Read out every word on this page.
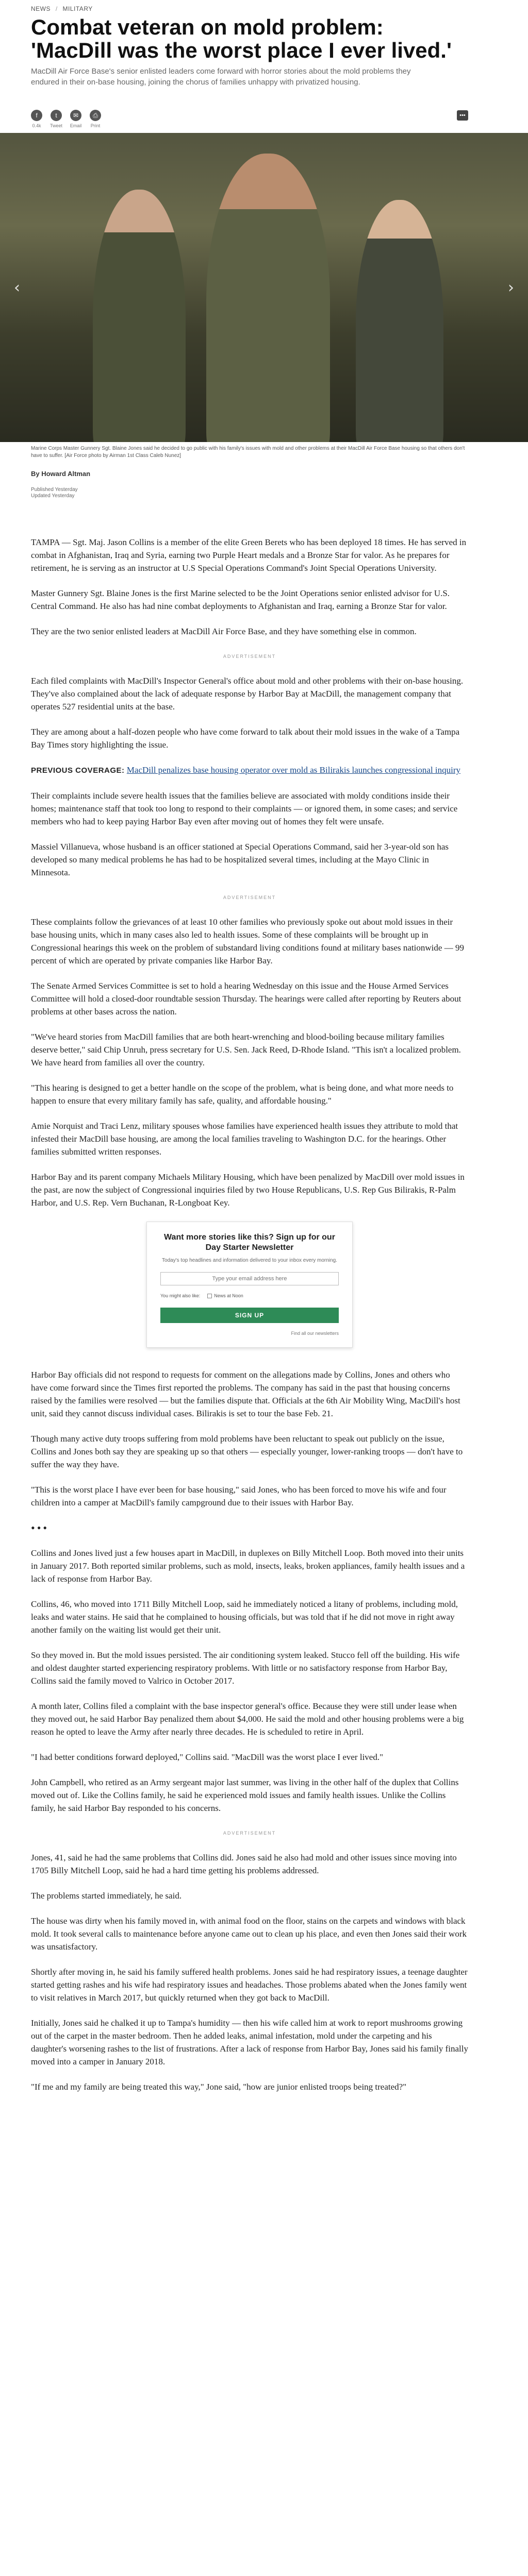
NEWS / MILITARY
Combat veteran on mold problem: 'MacDill was the worst place I ever lived.'

MacDill Air Force Base's senior enlisted leaders come forward with horror stories about the mold problems they endured in their on-base housing, joining the chorus of families unhappy with privatized housing.

f
0.4k
t
Tweet
✉
Email
⎙
Print
•••
‹	›

Marine Corps Master Gunnery Sgt. Blaine Jones said he decided to go public with his family's issues with mold and other problems at their MacDill Air Force Base housing so that others don't have to suffer. [Air Force photo by Airman 1st Class Caleb Nunez]

By Howard Altman
Published Yesterday
Updated Yesterday

TAMPA — Sgt. Maj. Jason Collins is a member of the elite Green Berets who has been deployed 18 times. He has served in combat in Afghanistan, Iraq and Syria, earning two Purple Heart medals and a Bronze Star for valor. As he prepares for retirement, he is serving as an instructor at U.S Special Operations Command's Joint Special Operations University.

Master Gunnery Sgt. Blaine Jones is the first Marine selected to be the Joint Operations senior enlisted advisor for U.S. Central Command. He also has had nine combat deployments to Afghanistan and Iraq, earning a Bronze Star for valor.

They are the two senior enlisted leaders at MacDill Air Force Base, and they have something else in common.

ADVERTISEMENT

Each filed complaints with MacDill's Inspector General's office about mold and other problems with their on-base housing. They've also complained about the lack of adequate response by Harbor Bay at MacDill, the management company that operates 527 residential units at the base.

They are among about a half-dozen people who have come forward to talk about their mold issues in the wake of a Tampa Bay Times story highlighting the issue.

PREVIOUS COVERAGE: MacDill penalizes base housing operator over mold as Bilirakis launches congressional inquiry

Their complaints include severe health issues that the families believe are associated with moldy conditions inside their homes; maintenance staff that took too long to respond to their complaints — or ignored them, in some cases; and service members who had to keep paying Harbor Bay even after moving out of homes they felt were unsafe.

Massiel Villanueva, whose husband is an officer stationed at Special Operations Command, said her 3-year-old son has developed so many medical problems he has had to be hospitalized several times, including at the Mayo Clinic in Minnesota.

ADVERTISEMENT

These complaints follow the grievances of at least 10 other families who previously spoke out about mold issues in their base housing units, which in many cases also led to health issues. Some of these complaints will be brought up in Congressional hearings this week on the problem of substandard living conditions found at military bases nationwide — 99 percent of which are operated by private companies like Harbor Bay.

The Senate Armed Services Committee is set to hold a hearing Wednesday on this issue and the House Armed Services Committee will hold a closed-door roundtable session Thursday. The hearings were called after reporting by Reuters about problems at other bases across the nation.

"We've heard stories from MacDill families that are both heart-wrenching and blood-boiling because military families deserve better," said Chip Unruh, press secretary for U.S. Sen. Jack Reed, D-Rhode Island. "This isn't a localized problem. We have heard from families all over the country.

"This hearing is designed to get a better handle on the scope of the problem, what is being done, and what more needs to happen to ensure that every military family has safe, quality, and affordable housing."

Amie Norquist and Traci Lenz, military spouses whose families have experienced health issues they attribute to mold that infested their MacDill base housing, are among the local families traveling to Washington D.C. for the hearings. Other families submitted written responses.

Harbor Bay and its parent company Michaels Military Housing, which have been penalized by MacDill over mold issues in the past, are now the subject of Congressional inquiries filed by two House Republicans, U.S. Rep Gus Bilirakis, R-Palm Harbor, and U.S. Rep. Vern Buchanan, R-Longboat Key.

Want more stories like this? Sign up for our Day Starter Newsletter

Today's top headlines and information delivered to your inbox every morning.

Type your email address here
You might also like:	News at Noon
SIGN UP
Find all our newsletters

Harbor Bay officials did not respond to requests for comment on the allegations made by Collins, Jones and others who have come forward since the Times first reported the problems. The company has said in the past that housing concerns raised by the families were resolved — but the families dispute that. Officials at the 6th Air Mobility Wing, MacDill's host unit, said they cannot discuss individual cases. Bilirakis is set to tour the base Feb. 21.

Though many active duty troops suffering from mold problems have been reluctant to speak out publicly on the issue, Collins and Jones both say they are speaking up so that others — especially younger, lower-ranking troops — don't have to suffer the way they have.

"This is the worst place I have ever been for base housing," said Jones, who has been forced to move his wife and four children into a camper at MacDill's family campground due to their issues with Harbor Bay.

•••

Collins and Jones lived just a few houses apart in MacDill, in duplexes on Billy Mitchell Loop. Both moved into their units in January 2017. Both reported similar problems, such as mold, insects, leaks, broken appliances, family health issues and a lack of response from Harbor Bay.

Collins, 46, who moved into 1711 Billy Mitchell Loop, said he immediately noticed a litany of problems, including mold, leaks and water stains. He said that he complained to housing officials, but was told that if he did not move in right away another family on the waiting list would get their unit.

So they moved in. But the mold issues persisted. The air conditioning system leaked. Stucco fell off the building. His wife and oldest daughter started experiencing respiratory problems. With little or no satisfactory response from Harbor Bay, Collins said the family moved to Valrico in October 2017.

A month later, Collins filed a complaint with the base inspector general's office. Because they were still under lease when they moved out, he said Harbor Bay penalized them about $4,000. He said the mold and other housing problems were a big reason he opted to leave the Army after nearly three decades. He is scheduled to retire in April.

"I had better conditions forward deployed," Collins said. "MacDill was the worst place I ever lived."

John Campbell, who retired as an Army sergeant major last summer, was living in the other half of the duplex that Collins moved out of. Like the Collins family, he said he experienced mold issues and family health issues. Unlike the Collins family, he said Harbor Bay responded to his concerns.

ADVERTISEMENT

Jones, 41, said he had the same problems that Collins did. Jones said he also had mold and other issues since moving into 1705 Billy Mitchell Loop, said he had a hard time getting his problems addressed.

The problems started immediately, he said.

The house was dirty when his family moved in, with animal food on the floor, stains on the carpets and windows with black mold. It took several calls to maintenance before anyone came out to clean up his place, and even then Jones said their work was unsatisfactory.

Shortly after moving in, he said his family suffered health problems. Jones said he had respiratory issues, a teenage daughter started getting rashes and his wife had respiratory issues and headaches. Those problems abated when the Jones family went to visit relatives in March 2017, but quickly returned when they got back to MacDill.

Initially, Jones said he chalked it up to Tampa's humidity — then his wife called him at work to report mushrooms growing out of the carpet in the master bedroom. Then he added leaks, animal infestation, mold under the carpeting and his daughter's worsening rashes to the list of frustrations. After a lack of response from Harbor Bay, Jones said his family finally moved into a camper in January 2018.

"If me and my family are being treated this way," Jone said, "how are junior enlisted troops being treated?"
